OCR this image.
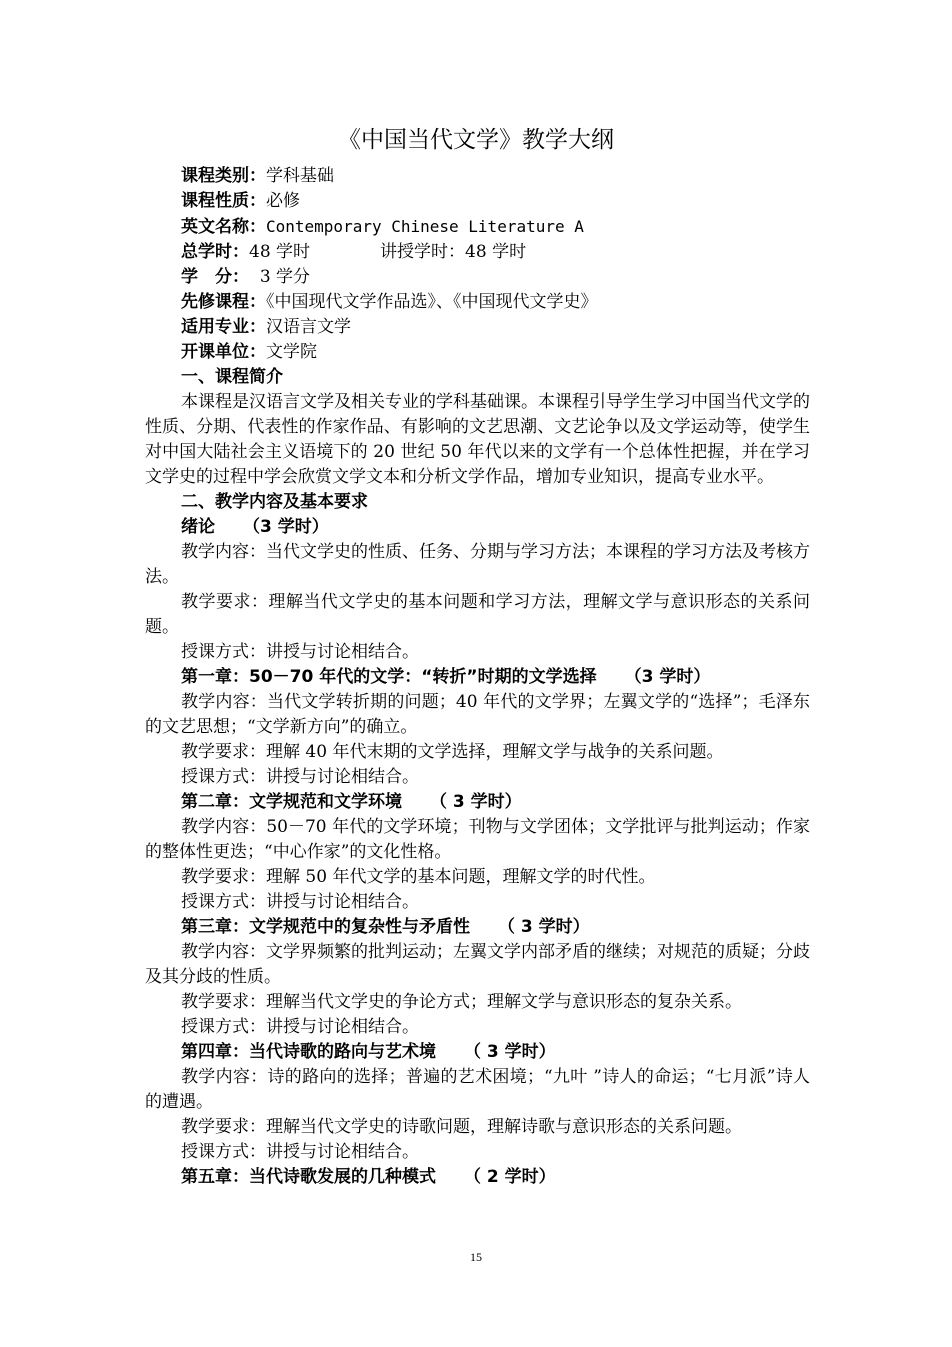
《中国当代文学》教学大纲
课程类别：学科基础
课程性质：必修
英文名称：Contemporary Chinese Literature A
总学时：48 学时	讲授学时：48 学时
学　分： 3 学分
先修课程：《中国现代文学作品选》、《中国现代文学史》
适用专业：汉语言文学
开课单位：文学院
一、课程简介

本课程是汉语言文学及相关专业的学科基础课。本课程引导学生学习中国当代文学的性质、分期、代表性的作家作品、有影响的文艺思潮、文艺论争以及文学运动等，使学生对中国大陆社会主义语境下的 20 世纪 50 年代以来的文学有一个总体性把握，并在学习文学史的过程中学会欣赏文学文本和分析文学作品，增加专业知识，提高专业水平。

二、教学内容及基本要求
绪论 （3 学时）

教学内容：当代文学史的性质、任务、分期与学习方法；本课程的学习方法及考核方法。

教学要求：理解当代文学史的基本问题和学习方法，理解文学与意识形态的关系问题。

授课方式：讲授与讨论相结合。

第一章：50－70 年代的文学：“转折”时期的文学选择 （3 学时）

教学内容：当代文学转折期的问题；40 年代的文学界；左翼文学的“选择”；毛泽东的文艺思想；“文学新方向”的确立。

教学要求：理解 40 年代末期的文学选择，理解文学与战争的关系问题。

授课方式：讲授与讨论相结合。

第二章：文学规范和文学环境 （ 3 学时）

教学内容：50－70 年代的文学环境；刊物与文学团体；文学批评与批判运动；作家的整体性更迭；“中心作家”的文化性格。

教学要求：理解 50 年代文学的基本问题，理解文学的时代性。

授课方式：讲授与讨论相结合。

第三章：文学规范中的复杂性与矛盾性 （ 3 学时）

教学内容：文学界频繁的批判运动；左翼文学内部矛盾的继续；对规范的质疑；分歧及其分歧的性质。

教学要求：理解当代文学史的争论方式；理解文学与意识形态的复杂关系。

授课方式：讲授与讨论相结合。

第四章：当代诗歌的路向与艺术境 （ 3 学时）

教学内容：诗的路向的选择；普遍的艺术困境；“九叶 ”诗人的命运；“七月派”诗人的遭遇。

教学要求：理解当代文学史的诗歌问题，理解诗歌与意识形态的关系问题。

授课方式：讲授与讨论相结合。

第五章：当代诗歌发展的几种模式 （ 2 学时）
15
